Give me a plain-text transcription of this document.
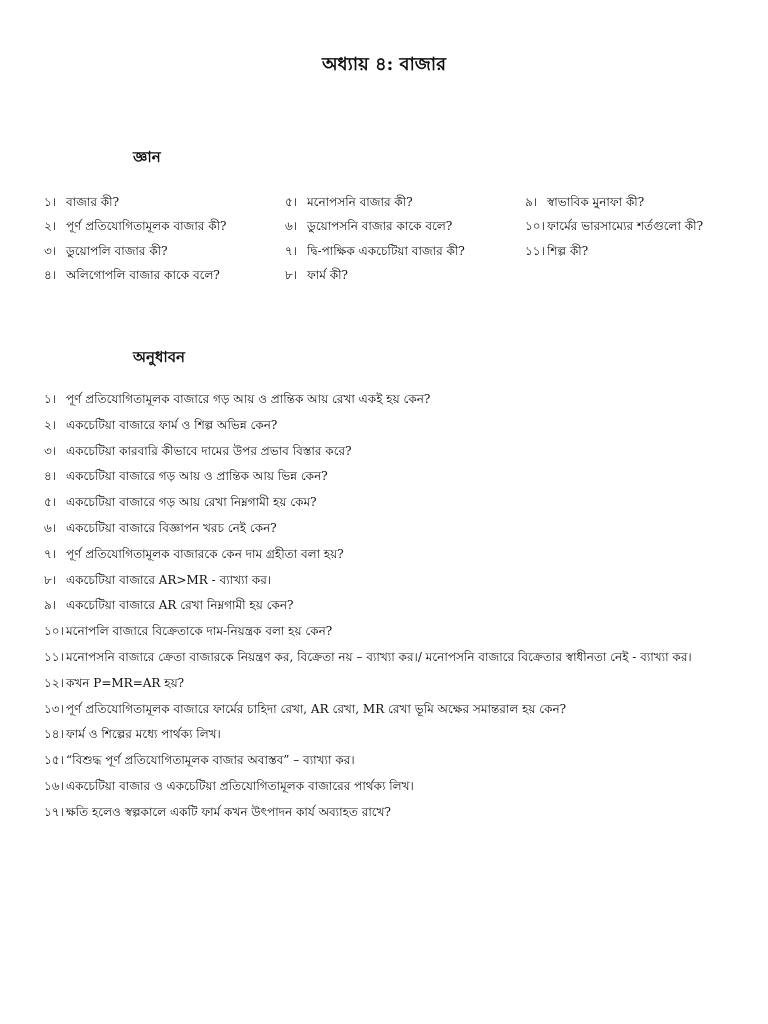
অধ্যায় ৪: বাজার
জ্ঞান
১। বাজার কী?
২। পূর্ণ প্রতিযোগিতামূলক বাজার কী?
৩। ডুয়োপলি বাজার কী?
৪। অলিগোপলি বাজার কাকে বলে?
৫। মনোপসনি বাজার কী?
৬। ডুয়োপসনি বাজার কাকে বলে?
৭। দ্বি-পাক্ষিক একচেটিয়া বাজার কী?
৮। ফার্ম কী?
৯। স্বাভাবিক মুনাফা কী?
১০। ফার্মের ভারসাম্যের শর্তগুলো কী?
১১। শিল্প কী?
অনুধাবন
১। পূর্ণ প্রতিযোগিতামূলক বাজারে গড় আয় ও প্রান্তিক আয় রেখা একই হয় কেন?
২। একচেটিয়া বাজারে ফার্ম ও শিল্প অভিন্ন কেন?
৩। একচেটিয়া কারবারি কীভাবে দামের উপর প্রভাব বিস্তার করে?
৪। একচেটিয়া বাজারে গড় আয় ও প্রান্তিক আয় ভিন্ন কেন?
৫। একচেটিয়া বাজারে গড় আয় রেখা নিম্নগামী হয় কেম?
৬। একচেটিয়া বাজারে বিজ্ঞাপন খরচ নেই কেন?
৭। পূর্ণ প্রতিযোগিতামূলক বাজারকে কেন দাম গ্রহীতা বলা হয়?
৮। একচেটিয়া বাজারে AR>MR - ব্যাখ্যা কর।
৯। একচেটিয়া বাজারে AR রেখা নিম্নগামী হয় কেন?
১০। মনোপলি বাজারে বিক্রেতাকে দাম-নিয়ন্ত্রক বলা হয় কেন?
১১। মনোপসনি বাজারে ক্রেতা বাজারকে নিয়ন্ত্রণ কর, বিক্রেতা নয় – ব্যাখ্যা কর।/ মনোপসনি বাজারে বিক্রেতার স্বাধীনতা নেই - ব্যাখ্যা কর।
১২। কখন P=MR=AR হয়?
১৩। পূর্ণ প্রতিযোগিতামূলক বাজারে ফার্মের চাহিদা রেখা, AR রেখা, MR রেখা ভূমি অক্ষের সমান্তরাল হয় কেন?
১৪। ফার্ম ও শিল্পের মধ্যে পার্থক্য লিখ।
১৫। “বিশুদ্ধ পূর্ণ প্রতিযোগিতামূলক বাজার অবাস্তব” – ব্যাখ্যা কর।
১৬। একচেটিয়া বাজার ও একচেটিয়া প্রতিযোগিতামূলক বাজারের পার্থক্য লিখ।
১৭। ক্ষতি হলেও স্বল্পকালে একটি ফার্ম কখন উৎপাদন কার্য অব্যাহত রাখে?
